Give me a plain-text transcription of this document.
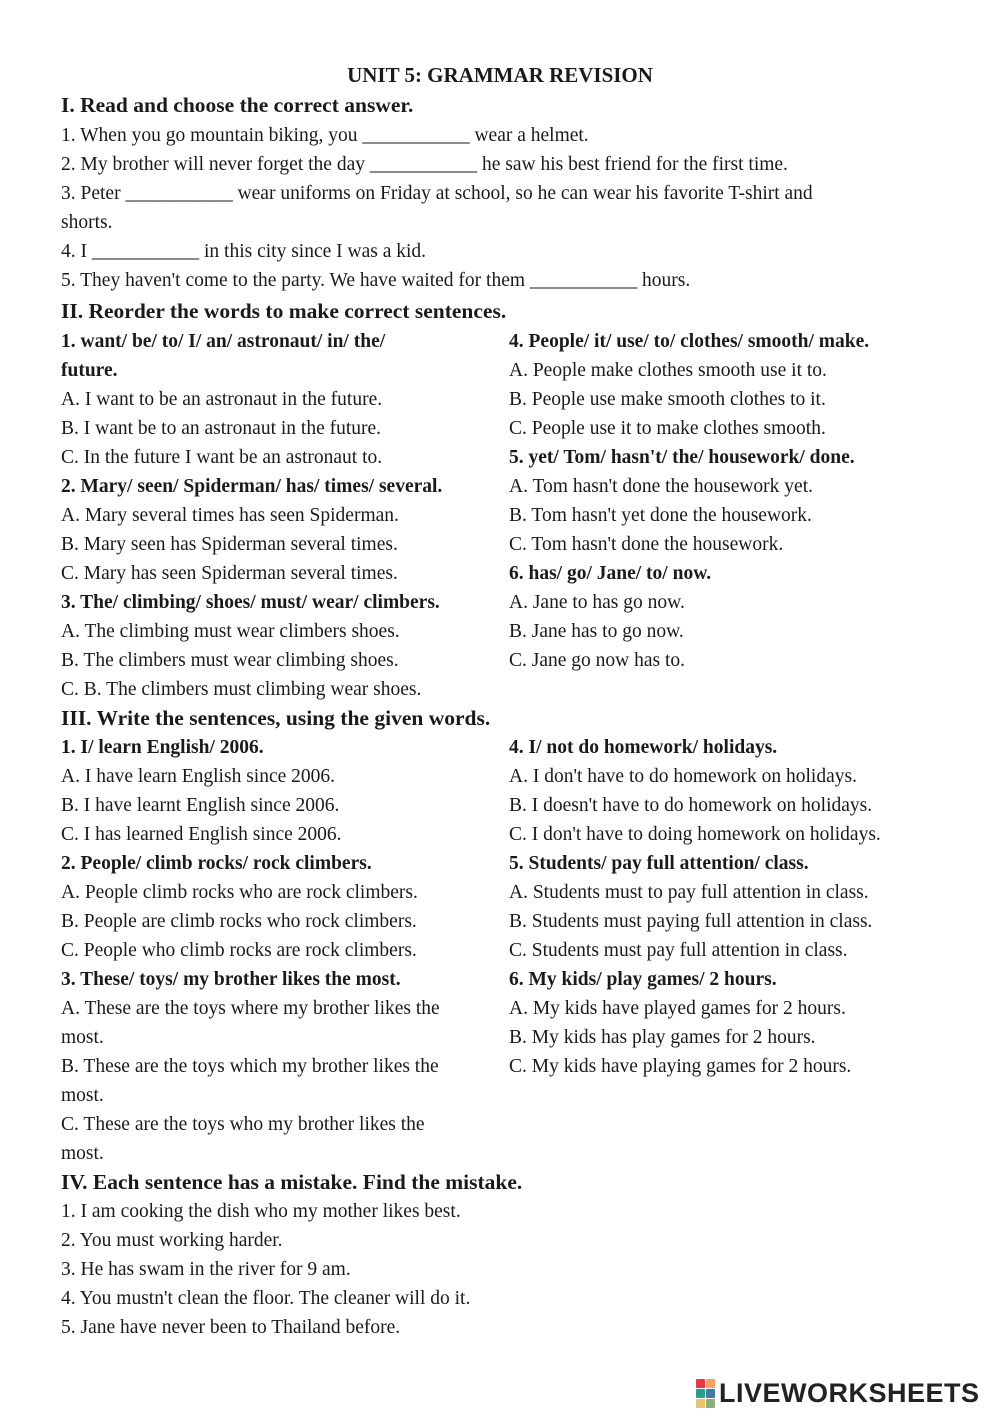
UNIT 5: GRAMMAR REVISION
I. Read and choose the correct answer.
1. When you go mountain biking, you ___________ wear a helmet.
2. My brother will never forget the day ___________ he saw his best friend for the first time.
3. Peter ___________ wear uniforms on Friday at school, so he can wear his favorite T-shirt and
shorts.
4. I ___________ in this city since I was a kid.
5. They haven't come to the party. We have waited for them ___________ hours.
II. Reorder the words to make correct sentences.
1. want/ be/ to/ I/ an/ astronaut/ in/ the/
future.
A. I want to be an astronaut in the future.
B. I want be to an astronaut in the future.
C. In the future I want be an astronaut to.
2. Mary/ seen/ Spiderman/ has/ times/ several.
A. Mary several times has seen Spiderman.
B. Mary seen has Spiderman several times.
C. Mary has seen Spiderman several times.
3. The/ climbing/ shoes/ must/ wear/ climbers.
A. The climbing must wear climbers shoes.
B. The climbers must wear climbing shoes.
C. B. The climbers must climbing wear shoes.
4. People/ it/ use/ to/ clothes/ smooth/ make.
A. People make clothes smooth use it to.
B. People use make smooth clothes to it.
C. People use it to make clothes smooth.
5. yet/ Tom/ hasn't/ the/ housework/ done.
A. Tom hasn't done the housework yet.
B. Tom hasn't yet done the housework.
C. Tom hasn't done the housework.
6. has/ go/ Jane/ to/ now.
A. Jane to has go now.
B. Jane has to go now.
C. Jane go now has to.
III. Write the sentences, using the given words.
1. I/ learn English/ 2006.
A. I have learn English since 2006.
B. I have learnt English since 2006.
C. I has learned English since 2006.
2. People/ climb rocks/ rock climbers.
A. People climb rocks who are rock climbers.
B. People are climb rocks who rock climbers.
C. People who climb rocks are rock climbers.
3. These/ toys/ my brother likes the most.
A. These are the toys where my brother likes the
most.
B. These are the toys which my brother likes the
most.
C. These are the toys who my brother likes the
most.
4. I/ not do homework/ holidays.
A. I don't have to do homework on holidays.
B. I doesn't have to do homework on holidays.
C. I don't have to doing homework on holidays.
5. Students/ pay full attention/ class.
A. Students must to pay full attention in class.
B. Students must paying full attention in class.
C. Students must pay full attention in class.
6. My kids/ play games/ 2 hours.
A. My kids have played games for 2 hours.
B. My kids has play games for 2 hours.
C. My kids have playing games for 2 hours.
IV. Each sentence has a mistake. Find the mistake.
1. I am cooking the dish who my mother likes best.
2. You must working harder.
3. He has swam in the river for 9 am.
4. You mustn't clean the floor. The cleaner will do it.
5. Jane have never been to Thailand before.
LIVEWORKSHEETS
